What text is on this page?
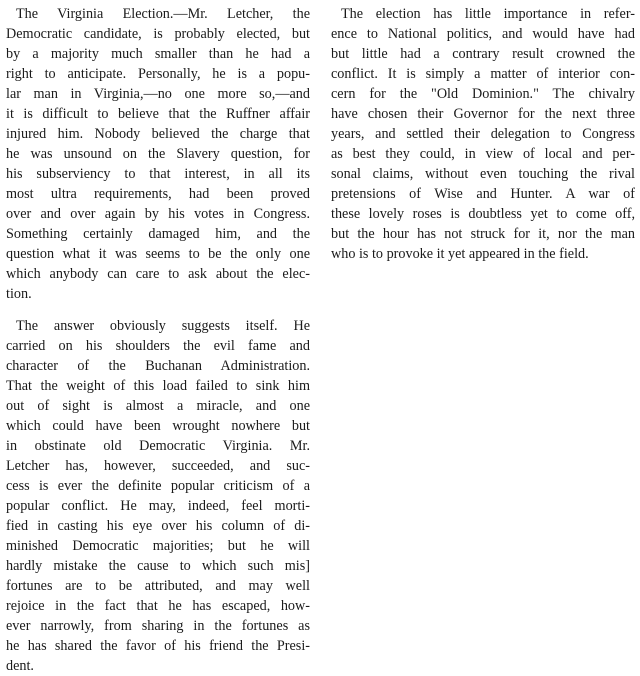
The Virginia Election.—Mr. Letcher, the
Democratic candidate, is probably elected, but
by a majority much smaller than he had a
right to anticipate. Personally, he is a popu-
lar man in Virginia,—no one more so,—and
it is difficult to believe that the Ruffner affair
injured him. Nobody believed the charge that
he was unsound on the Slavery question, for
his subserviency to that interest, in all its
most ultra requirements, had been proved
over and over again by his votes in Congress.
Something certainly damaged him, and the
question what it was seems to be the only one
which anybody can care to ask about the elec-
tion.
The answer obviously suggests itself. He
carried on his shoulders the evil fame and
character of the Buchanan Administration.
That the weight of this load failed to sink him
out of sight is almost a miracle, and one
which could have been wrought nowhere but
in obstinate old Democratic Virginia. Mr.
Letcher has, however, succeeded, and suc-
cess is ever the definite popular criticism of a
popular conflict. He may, indeed, feel morti-
fied in casting his eye over his column of di-
minished Democratic majorities; but he will
hardly mistake the cause to which such mis]
fortunes are to be attributed, and may well
rejoice in the fact that he has escaped, how-
ever narrowly, from sharing in the fortunes as
he has shared the favor of his friend the Presi-
dent.
The election has little importance in refer-
ence to National politics, and would have had
but little had a contrary result crowned the
conflict. It is simply a matter of interior con-
cern for the "Old Dominion." The chivalry
have chosen their Governor for the next three
years, and settled their delegation to Congress
as best they could, in view of local and per-
sonal claims, without even touching the rival
pretensions of Wise and Hunter. A war of
these lovely roses is doubtless yet to come off,
but the hour has not struck for it, nor the man
who is to provoke it yet appeared in the field.
